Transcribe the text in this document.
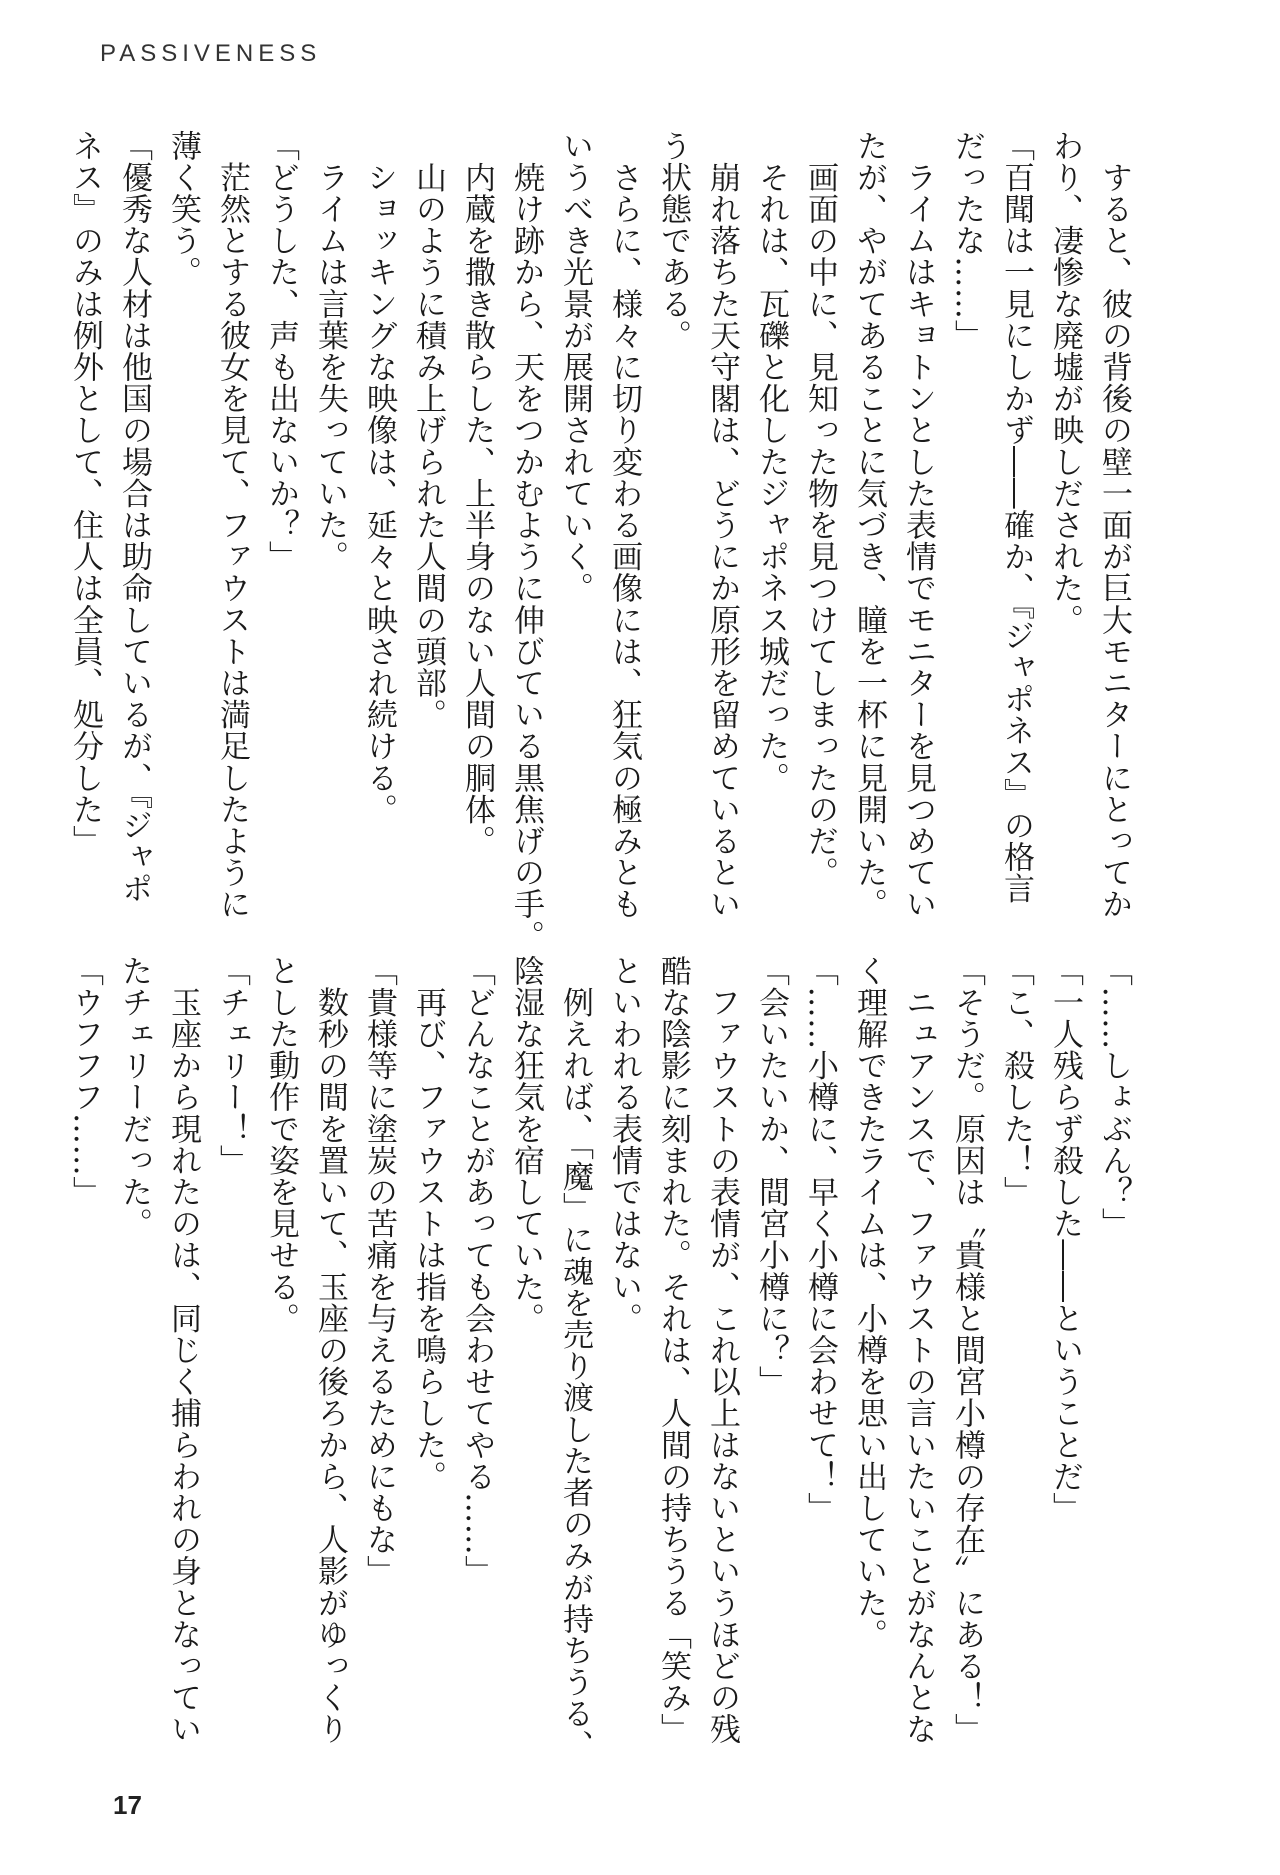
PASSIVENESS

　すると、彼の背後の壁一面が巨大モニターにとってか

わり、凄惨な廃墟が映しだされた。

「百聞は一見にしかず――確か、『ジャポネス』の格言

だったな……」

　ライムはキョトンとした表情でモニターを見つめてい

たが、やがてあることに気づき、瞳を一杯に見開いた。

　画面の中に、見知った物を見つけてしまったのだ。

　それは、瓦礫と化したジャポネス城だった。

　崩れ落ちた天守閣は、どうにか原形を留めているとい

う状態である。

　さらに、様々に切り変わる画像には、狂気の極みとも

いうべき光景が展開されていく。

　焼け跡から、天をつかむように伸びている黒焦げの手。

　内蔵を撒き散らした、上半身のない人間の胴体。

　山のように積み上げられた人間の頭部。

　ショッキングな映像は、延々と映され続ける。

　ライムは言葉を失っていた。

「どうした、声も出ないか？」

　茫然とする彼女を見て、ファウストは満足したように

薄く笑う。

「優秀な人材は他国の場合は助命しているが、『ジャポ

ネス』のみは例外として、住人は全員、処分した」

「……しょぶん？」

「一人残らず殺した――ということだ」

「こ、殺した！」

「そうだ。原因は〝貴様と間宮小樽の存在〟にある！」

　ニュアンスで、ファウストの言いたいことがなんとな

く理解できたライムは、小樽を思い出していた。

「……小樽に、早く小樽に会わせて！」

「会いたいか、間宮小樽に？」

　ファウストの表情が、これ以上はないというほどの残

酷な陰影に刻まれた。それは、人間の持ちうる「笑み」

といわれる表情ではない。

　例えれば、「魔」に魂を売り渡した者のみが持ちうる、

陰湿な狂気を宿していた。

「どんなことがあっても会わせてやる……」

　再び、ファウストは指を鳴らした。

「貴様等に塗炭の苦痛を与えるためにもな」

　数秒の間を置いて、玉座の後ろから、人影がゆっくり

とした動作で姿を見せる。

「チェリー！」

　玉座から現れたのは、同じく捕らわれの身となってい

たチェリーだった。

「ウフフフ……」

17
